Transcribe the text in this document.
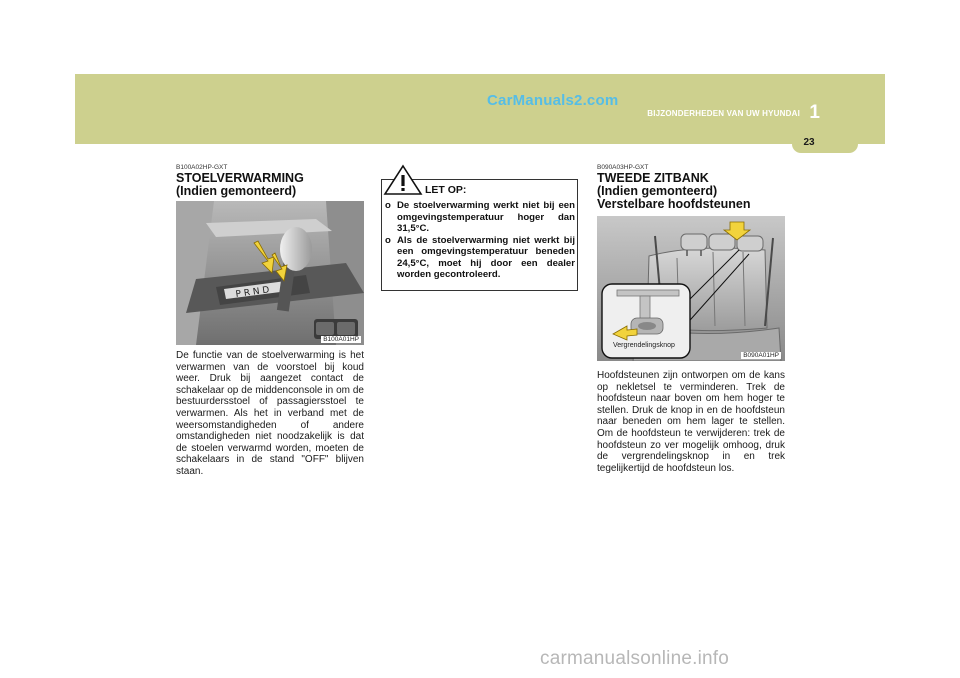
CarManuals2.com
BIJZONDERHEDEN VAN UW HYUNDAI 1
23
B100A02HP-GXT
STOELVERWARMING
(Indien gemonteerd)
P R N D
B100A01HP
De functie van de stoelverwarming is het verwarmen van de voorstoel bij koud weer. Druk bij aangezet contact de schakelaar op de middenconsole in om de bestuurdersstoel of passagiersstoel te verwarmen. Als het in verband met de weersomstandigheden of andere omstandigheden niet noodzakelijk is dat de stoelen verwarmd worden, moeten de schakelaars in de stand "OFF" blijven staan.
LET OP:
o De stoelverwarming werkt niet bij een omgevingstemperatuur hoger dan 31,5°C.
o Als de stoelverwarming niet werkt bij een omgevingstemperatuur beneden 24,5°C, moet hij door een dealer worden gecontroleerd.
B090A03HP-GXT
TWEEDE ZITBANK
(Indien gemonteerd)
Verstelbare hoofdsteunen
Vergrendelingsknop
B090A01HP
Hoofdsteunen zijn ontworpen om de kans op nekletsel te verminderen. Trek de hoofdsteun naar boven om hem hoger te stellen. Druk de knop in en de hoofdsteun naar beneden om hem lager te stellen. Om de hoofdsteun te verwijderen: trek de hoofdsteun zo ver mogelijk omhoog, druk de vergrendelingsknop in en trek tegelijkertijd de hoofdsteun los.
carmanualsonline.info
